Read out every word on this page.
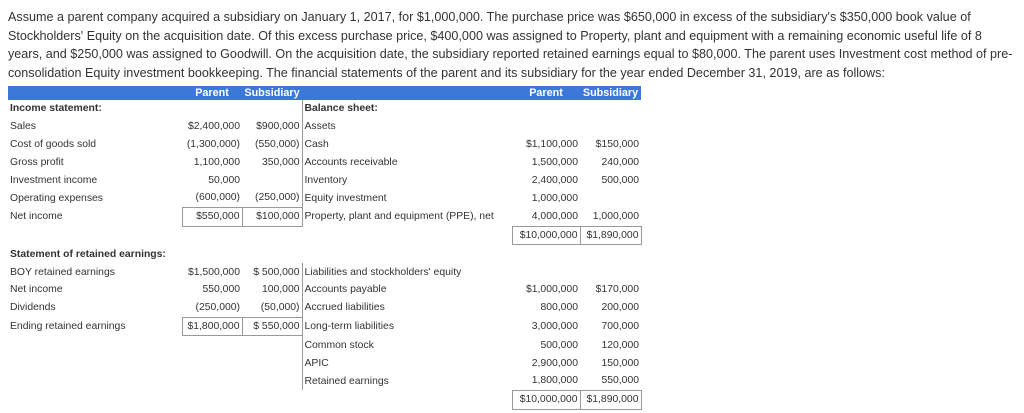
Assume a parent company acquired a subsidiary on January 1, 2017, for $1,000,000. The purchase price was $650,000 in excess of the subsidiary's $350,000 book value of

Stockholders' Equity on the acquisition date. Of this excess purchase price, $400,000 was assigned to Property, plant and equipment with a remaining economic useful life of 8

years, and $250,000 was assigned to Goodwill. On the acquisition date, the subsidiary reported retained earnings equal to $80,000. The parent uses Investment cost method of pre-

consolidation Equity investment bookkeeping. The financial statements of the parent and its subsidiary for the year ended December 31, 2019, are as follows:

	Parent	Subsidiary		Parent	Subsidiary
Income statement:			Balance sheet:		
Sales	$2,400,000	$900,000	Assets		
Cost of goods sold	(1,300,000)	(550,000)	Cash	$1,100,000	$150,000
Gross profit	1,100,000	350,000	Accounts receivable	1,500,000	240,000
Investment income	50,000		Inventory	2,400,000	500,000
Operating expenses	(600,000)	(250,000)	Equity investment	1,000,000	
Net income	$550,000	$100,000	Property, plant and equipment (PPE), net	4,000,000	1,000,000
				$10,000,000	$1,890,000
Statement of retained earnings:					
BOY retained earnings	$1,500,000	$ 500,000	Liabilities and stockholders' equity		
Net income	550,000	100,000	Accounts payable	$1,000,000	$170,000
Dividends	(250,000)	(50,000)	Accrued liabilities	800,000	200,000
Ending retained earnings	$1,800,000	$ 550,000	Long-term liabilities	3,000,000	700,000
			Common stock	500,000	120,000
			APIC	2,900,000	150,000
			Retained earnings	1,800,000	550,000
				$10,000,000	$1,890,000
